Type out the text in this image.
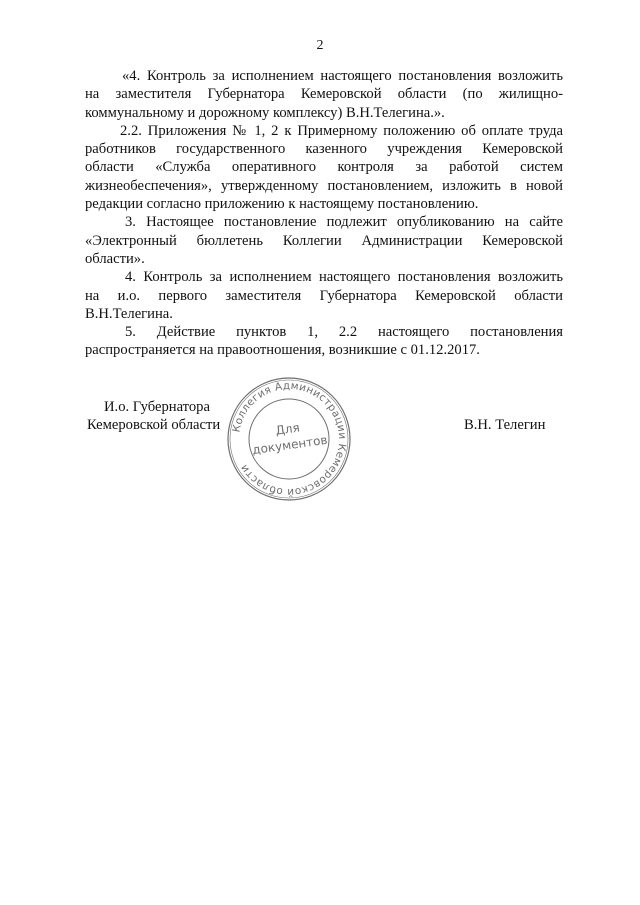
2
«4. Контроль за исполнением настоящего постановления возложить
на заместителя Губернатора Кемеровской области (по жилищно-
коммунальному и дорожному комплексу) В.Н.Телегина.».
2.2. Приложения № 1, 2 к Примерному положению об оплате труда
работников государственного казенного учреждения Кемеровской
области «Служба оперативного контроля за работой систем
жизнеобеспечения», утвержденному постановлением, изложить в новой
редакции согласно приложению к настоящему постановлению.
3. Настоящее постановление подлежит опубликованию на сайте
«Электронный бюллетень Коллегии Администрации Кемеровской
области».
4. Контроль за исполнением настоящего постановления возложить
на и.о. первого заместителя Губернатора Кемеровской области
В.Н.Телегина.
5. Действие пунктов 1, 2.2 настоящего постановления
распространяется на правоотношения, возникшие с 01.12.2017.
И.о. Губернатора
Кемеровской области	В.Н. Телегин
Коллегия Администрации Кемеровской области
Для
документов
